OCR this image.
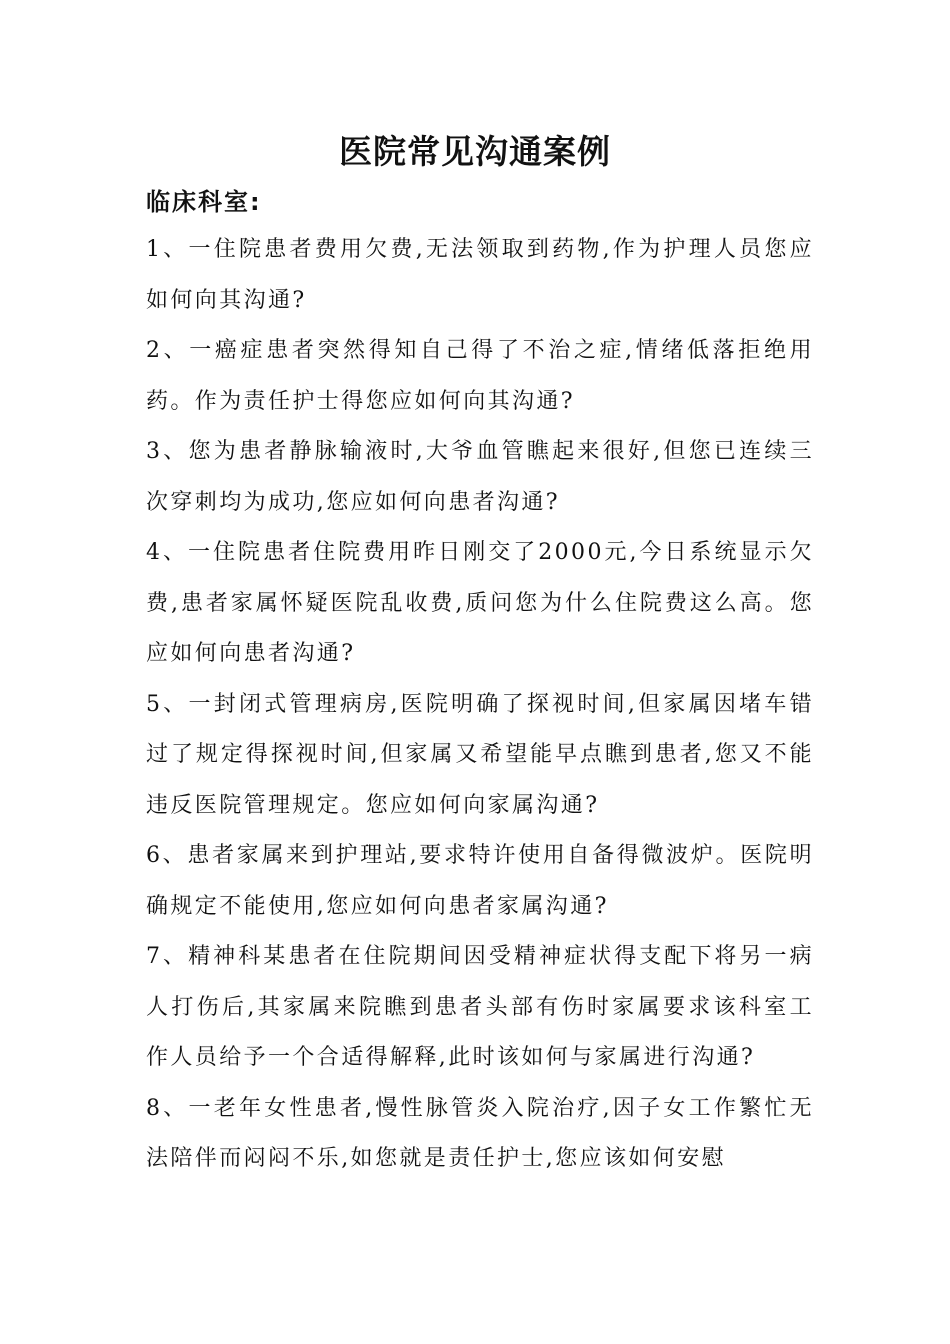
医院常见沟通案例
临床科室:

1、一住院患者费用欠费,无法领取到药物,作为护理人员您应如何向其沟通?

2、一癌症患者突然得知自己得了不治之症,情绪低落拒绝用药。作为责任护士得您应如何向其沟通?

3、您为患者静脉输液时,大爷血管瞧起来很好,但您已连续三次穿刺均为成功,您应如何向患者沟通?

4、一住院患者住院费用昨日刚交了2000元,今日系统显示欠费,患者家属怀疑医院乱收费,质问您为什么住院费这么高。您应如何向患者沟通?

5、一封闭式管理病房,医院明确了探视时间,但家属因堵车错过了规定得探视时间,但家属又希望能早点瞧到患者,您又不能违反医院管理规定。您应如何向家属沟通?

6、患者家属来到护理站,要求特许使用自备得微波炉。医院明确规定不能使用,您应如何向患者家属沟通?

7、精神科某患者在住院期间因受精神症状得支配下将另一病人打伤后,其家属来院瞧到患者头部有伤时家属要求该科室工作人员给予一个合适得解释,此时该如何与家属进行沟通?

8、一老年女性患者,慢性脉管炎入院治疗,因子女工作繁忙无法陪伴而闷闷不乐,如您就是责任护士,您应该如何安慰
